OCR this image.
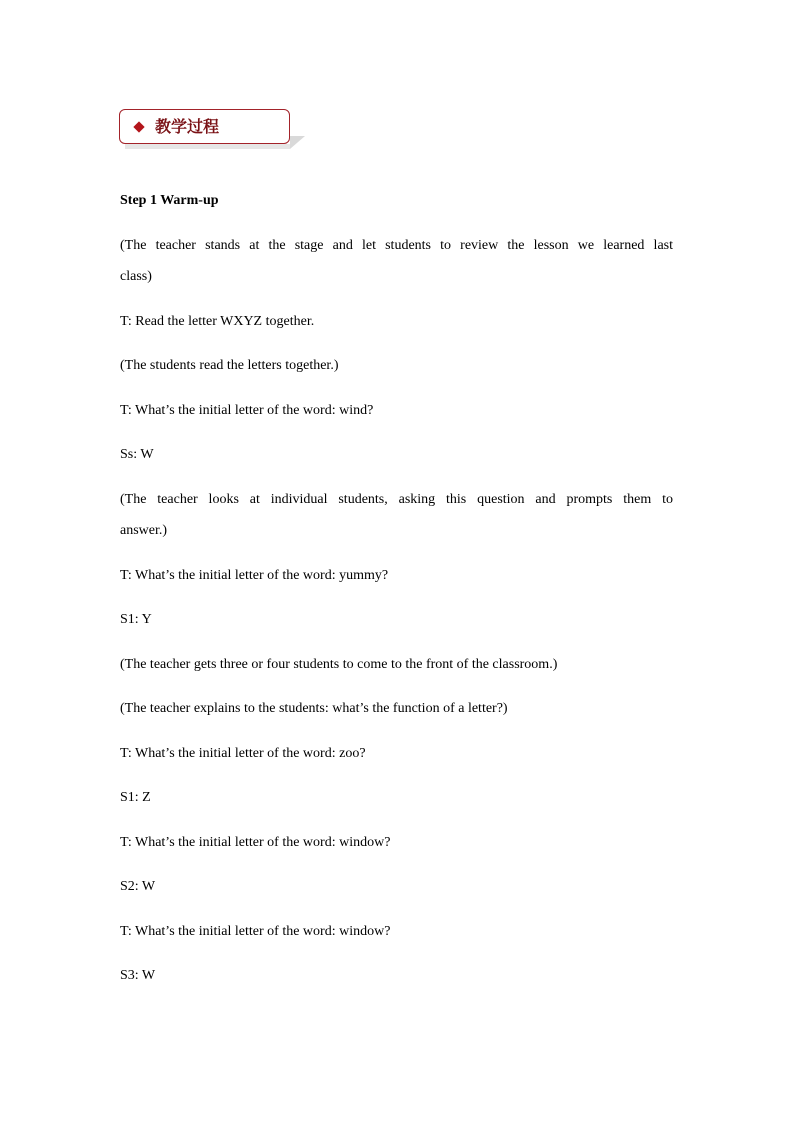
教学过程
Step 1 Warm-up
(The teacher stands at the stage and let students to review the lesson we learned last
class)
T: Read the letter WXYZ together.
(The students read the letters together.)
T: What’s the initial letter of the word: wind?
Ss: W
(The teacher looks at individual students, asking this question and prompts them to
answer.)
T: What’s the initial letter of the word: yummy?
S1: Y
(The teacher gets three or four students to come to the front of the classroom.)
(The teacher explains to the students: what’s the function of a letter?)
T: What’s the initial letter of the word: zoo?
S1: Z
T: What’s the initial letter of the word: window?
S2: W
T: What’s the initial letter of the word: window?
S3: W
